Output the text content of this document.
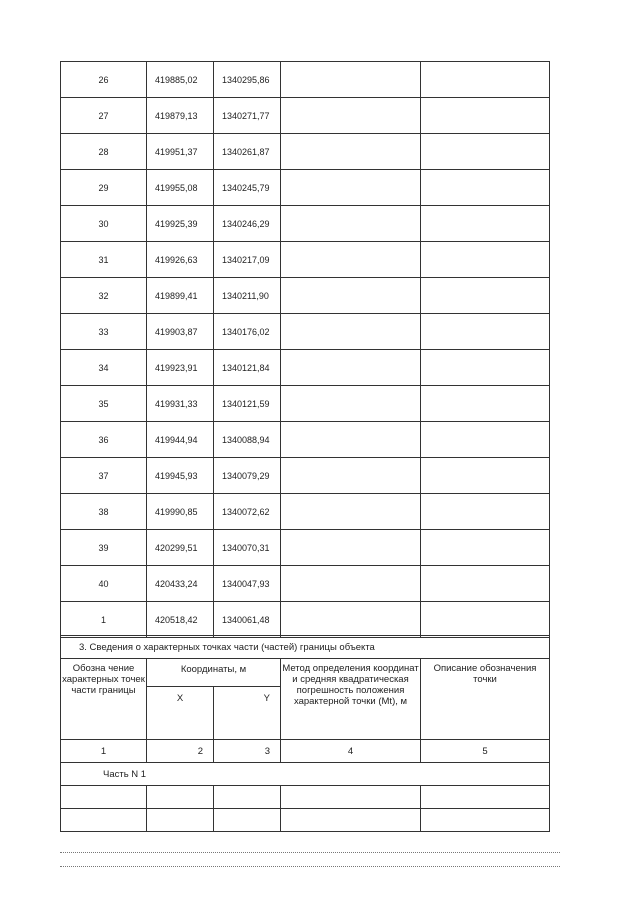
26	419885,02	1340295,86		
27	419879,13	1340271,77		
28	419951,37	1340261,87		
29	419955,08	1340245,79		
30	419925,39	1340246,29		
31	419926,63	1340217,09		
32	419899,41	1340211,90		
33	419903,87	1340176,02		
34	419923,91	1340121,84		
35	419931,33	1340121,59		
36	419944,94	1340088,94		
37	419945,93	1340079,29		
38	419990,85	1340072,62		
39	420299,51	1340070,31		
40	420433,24	1340047,93		
1	420518,42	1340061,48		
3. Сведения о характерных точках части (частей) границы объекта				
Обозна чение характерных точек части границы	Координаты, м		Метод определения координат и средняя квадратическая погрешность положения характерной точки (Mt), м	Описание обозначения точки
	X	Y		
1	2	3	4	5
Часть N 1				
